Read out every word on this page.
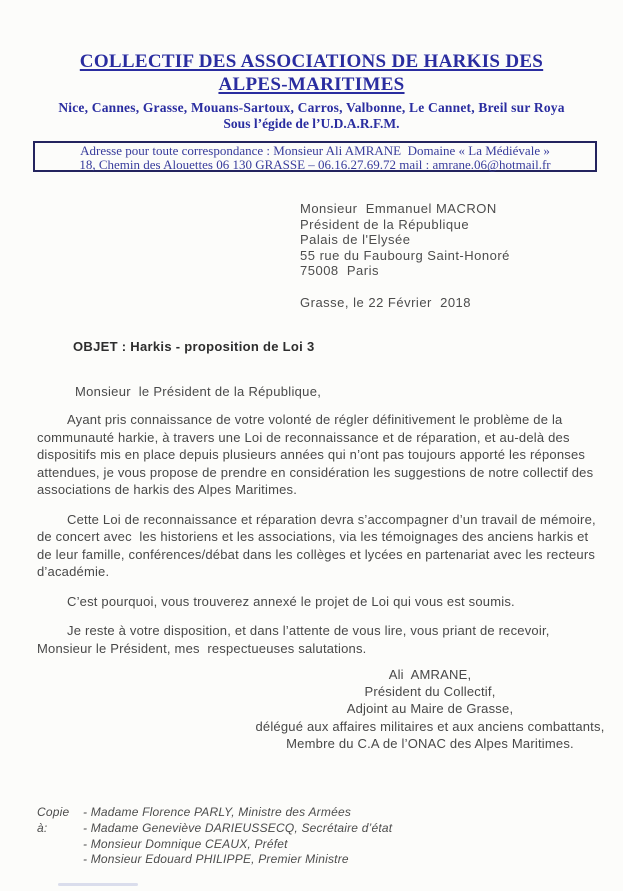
COLLECTIF DES ASSOCIATIONS DE HARKIS DES
ALPES-MARITIMES
Nice, Cannes, Grasse, Mouans-Sartoux, Carros, Valbonne, Le Cannet, Breil sur Roya
Sous l’égide de l’U.D.A.R.F.M.
Adresse pour toute correspondance : Monsieur Ali AMRANE  Domaine « La Médiévale »
18, Chemin des Alouettes 06 130 GRASSE – 06.16.27.69.72 mail : amrane.06@hotmail.fr
Monsieur  Emmanuel MACRON
Président de la République
Palais de l'Elysée
55 rue du Faubourg Saint-Honoré
75008  Paris
Grasse, le 22 Février  2018
OBJET : Harkis - proposition de Loi 3
Monsieur  le Président de la République,

Ayant pris connaissance de votre volonté de régler définitivement le problème de la communauté harkie, à travers une Loi de reconnaissance et de réparation, et au-delà des dispositifs mis en place depuis plusieurs années qui n’ont pas toujours apporté les réponses attendues, je vous propose de prendre en considération les suggestions de notre collectif des associations de harkis des Alpes Maritimes.

Cette Loi de reconnaissance et réparation devra s’accompagner d’un travail de mémoire, de concert avec  les historiens et les associations, via les témoignages des anciens harkis et de leur famille, conférences/débat dans les collèges et lycées en partenariat avec les recteurs d’académie.

C’est pourquoi, vous trouverez annexé le projet de Loi qui vous est soumis.

Je reste à votre disposition, et dans l’attente de vous lire, vous priant de recevoir, Monsieur le Président, mes  respectueuses salutations.

Ali  AMRANE,
Président du Collectif,
Adjoint au Maire de Grasse,
délégué aux affaires militaires et aux anciens combattants,
Membre du C.A de l’ONAC des Alpes Maritimes.
Copie à:
- Madame Florence PARLY, Ministre des Armées
- Madame Geneviève DARIEUSSECQ, Secrétaire d’état
- Monsieur Domnique CEAUX, Préfet
- Monsieur Edouard PHILIPPE, Premier Ministre
